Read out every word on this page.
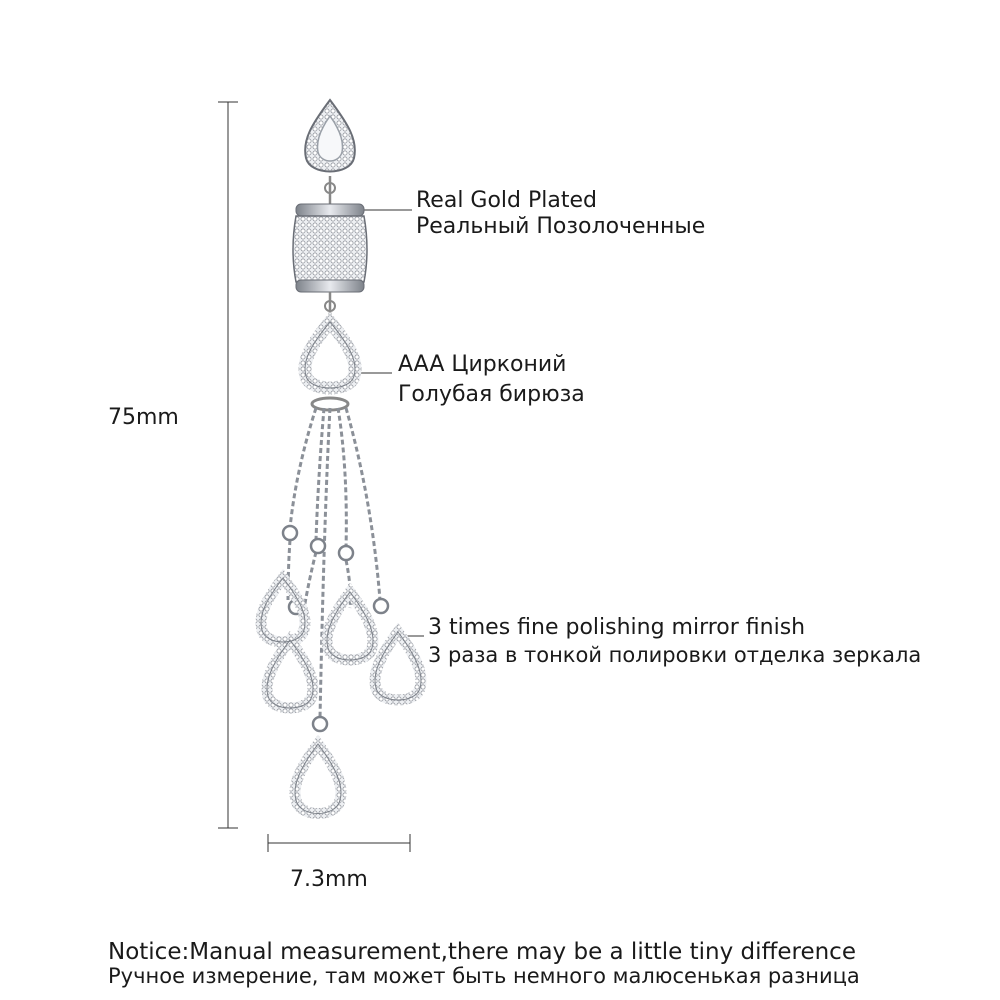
75mm
7.3mm
Real Gold Plated
Реальный Позолоченные
AAA Цирконий
Голубая бирюза
3 times fine polishing mirror finish
3 раза в тонкой полировки отделка зеркала
Notice:Manual measurement,there may be a little tiny difference
Ручное измерение, там может быть немного малюсенькая разница
